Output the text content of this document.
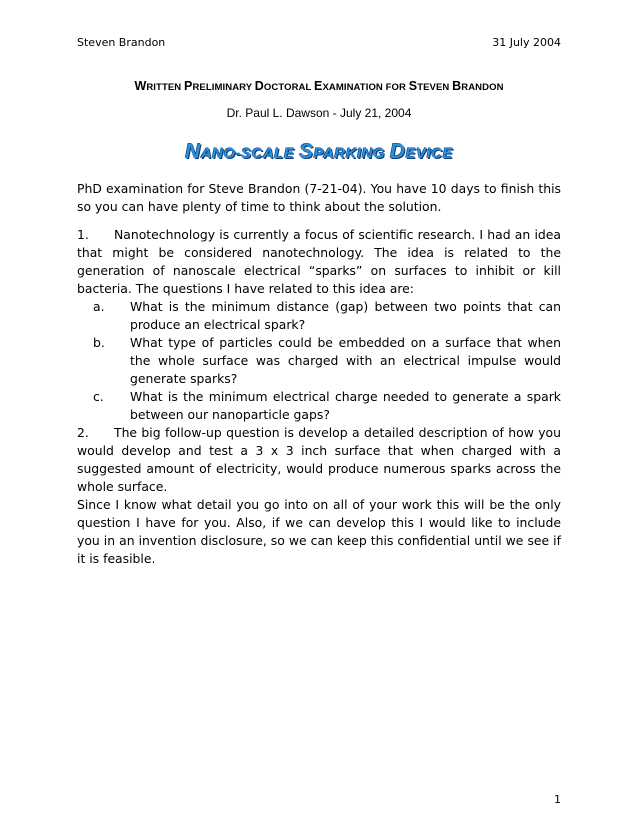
Steven Brandon	31 July 2004
WRITTEN PRELIMINARY DOCTORAL EXAMINATION FOR STEVEN BRANDON
Dr. Paul L. Dawson - July 21, 2004
NANO-SCALE SPARKING DEVICE
PhD examination for Steve Brandon (7-21-04). You have 10 days to finish this so you can have plenty of time to think about the solution.
1. Nanotechnology is currently a focus of scientific research. I had an idea that might be considered nanotechnology. The idea is related to the generation of nanoscale electrical “sparks” on surfaces to inhibit or kill bacteria. The questions I have related to this idea are:
a.	What is the minimum distance (gap) between two points that can produce an electrical spark?
b.	What type of particles could be embedded on a surface that when the whole surface was charged with an electrical impulse would generate sparks?
c.	What is the minimum electrical charge needed to generate a spark between our nanoparticle gaps?
2. The big follow-up question is develop a detailed description of how you would develop and test a 3 x 3 inch surface that when charged with a suggested amount of electricity, would produce numerous sparks across the whole surface.
Since I know what detail you go into on all of your work this will be the only question I have for you. Also, if we can develop this I would like to include you in an invention disclosure, so we can keep this confidential until we see if it is feasible.
1
